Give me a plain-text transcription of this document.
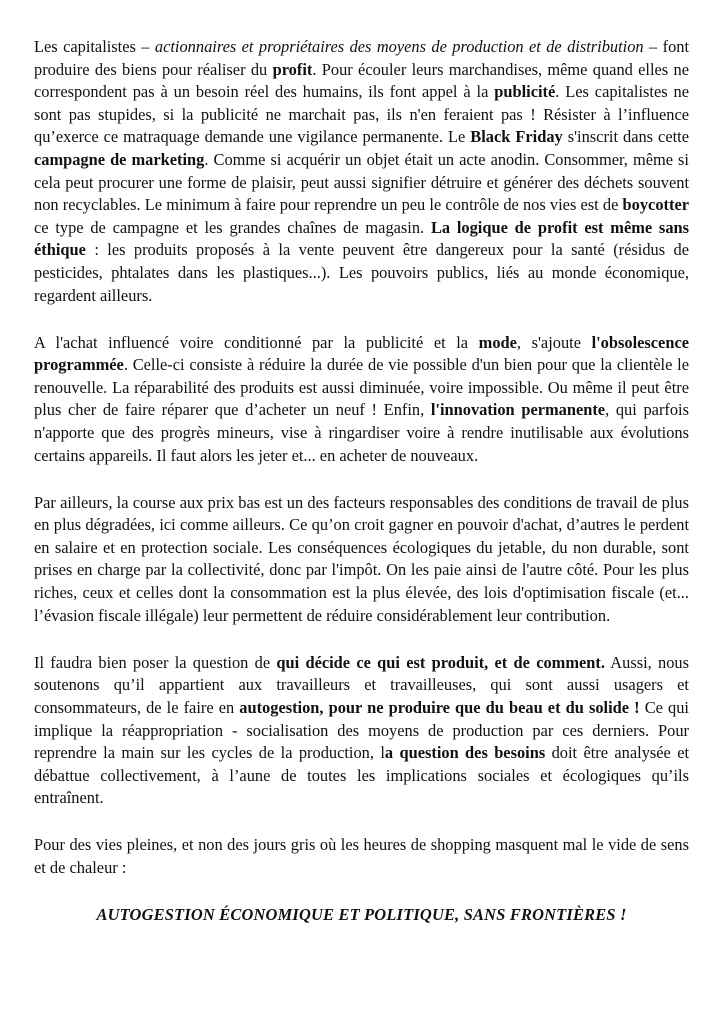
Les capitalistes – actionnaires et propriétaires des moyens de production et de distribution – font produire des biens pour réaliser du profit. Pour écouler leurs marchandises, même quand elles ne correspondent pas à un besoin réel des humains, ils font appel à la publicité. Les capitalistes ne sont pas stupides, si la publicité ne marchait pas, ils n'en feraient pas ! Résister à l’influence qu’exerce ce matraquage demande une vigilance permanente. Le Black Friday s'inscrit dans cette campagne de marketing. Comme si acquérir un objet était un acte anodin. Consommer, même si cela peut procurer une forme de plaisir, peut aussi signifier détruire et générer des déchets souvent non recyclables. Le minimum à faire pour reprendre un peu le contrôle de nos vies est de boycotter ce type de campagne et les grandes chaînes de magasin. La logique de profit est même sans éthique : les produits proposés à la vente peuvent être dangereux pour la santé (résidus de pesticides, phtalates dans les plastiques...). Les pouvoirs publics, liés au monde économique, regardent ailleurs.

A l'achat influencé voire conditionné par la publicité et la mode, s'ajoute l'obsolescence programmée. Celle-ci consiste à réduire la durée de vie possible d'un bien pour que la clientèle le renouvelle. La réparabilité des produits est aussi diminuée, voire impossible. Ou même il peut être plus cher de faire réparer que d’acheter un neuf ! Enfin, l'innovation permanente, qui parfois n'apporte que des progrès mineurs, vise à ringardiser voire à rendre inutilisable aux évolutions certains appareils. Il faut alors les jeter et... en acheter de nouveaux.

Par ailleurs, la course aux prix bas est un des facteurs responsables des conditions de travail de plus en plus dégradées, ici comme ailleurs. Ce qu’on croit gagner en pouvoir d'achat, d’autres le perdent en salaire et en protection sociale. Les conséquences écologiques du jetable, du non durable, sont prises en charge par la collectivité, donc par l'impôt. On les paie ainsi de l'autre côté. Pour les plus riches, ceux et celles dont la consommation est la plus élevée, des lois d'optimisation fiscale (et... l’évasion fiscale illégale) leur permettent de réduire considérablement leur contribution.

Il faudra bien poser la question de qui décide ce qui est produit, et de comment. Aussi, nous soutenons qu’il appartient aux travailleurs et travailleuses, qui sont aussi usagers et consommateurs, de le faire en autogestion, pour ne produire que du beau et du solide ! Ce qui implique la réappropriation - socialisation des moyens de production par ces derniers. Pour reprendre la main sur les cycles de la production, la question des besoins doit être analysée et débattue collectivement, à l’aune de toutes les implications sociales et écologiques qu’ils entraînent.

Pour des vies pleines, et non des jours gris où les heures de shopping masquent mal le vide de sens et de chaleur :

AUTOGESTION ÉCONOMIQUE ET POLITIQUE, SANS FRONTIÈRES !
